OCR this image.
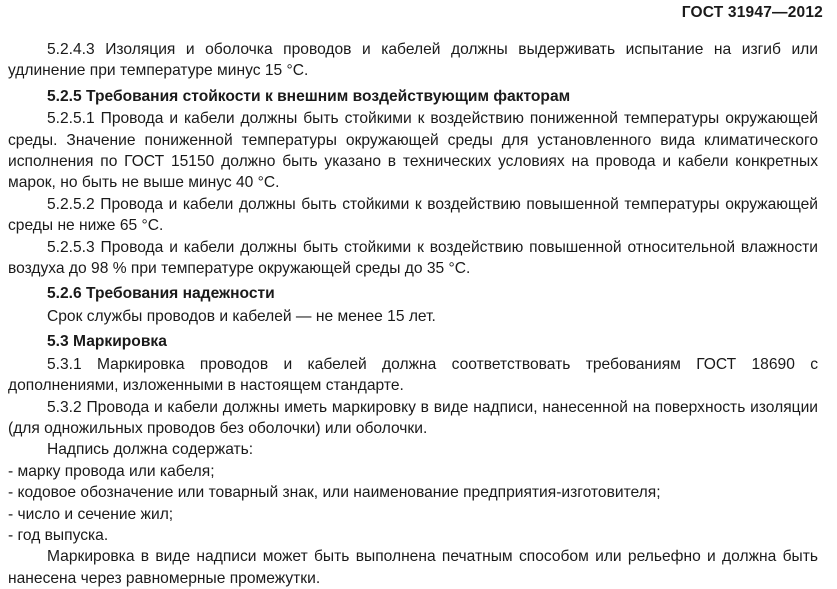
ГОСТ 31947—2012

5.2.4.3 Изоляция и оболочка проводов и кабелей должны выдерживать испытание на изгиб или удлинение при температуре минус 15 °С.

5.2.5 Требования стойкости к внешним воздействующим факторам

5.2.5.1 Провода и кабели должны быть стойкими к воздействию пониженной температуры окружающей среды. Значение пониженной температуры окружающей среды для установленного вида климатического исполнения по ГОСТ 15150 должно быть указано в технических условиях на провода и кабели конкретных марок, но быть не выше минус 40 °С.

5.2.5.2 Провода и кабели должны быть стойкими к воздействию повышенной температуры окружающей среды не ниже 65 °С.

5.2.5.3 Провода и кабели должны быть стойкими к воздействию повышенной относительной влажности воздуха до 98 % при температуре окружающей среды до 35 °С.

5.2.6 Требования надежности

Срок службы проводов и кабелей — не менее 15 лет.

5.3 Маркировка

5.3.1 Маркировка проводов и кабелей должна соответствовать требованиям ГОСТ 18690 с дополнениями, изложенными в настоящем стандарте.

5.3.2 Провода и кабели должны иметь маркировку в виде надписи, нанесенной на поверхность изоляции (для одножильных проводов без оболочки) или оболочки.

Надпись должна содержать:

- марку провода или кабеля;

- кодовое обозначение или товарный знак, или наименование предприятия-изготовителя;

- число и сечение жил;

- год выпуска.

Маркировка в виде надписи может быть выполнена печатным способом или рельефно и должна быть нанесена через равномерные промежутки.
